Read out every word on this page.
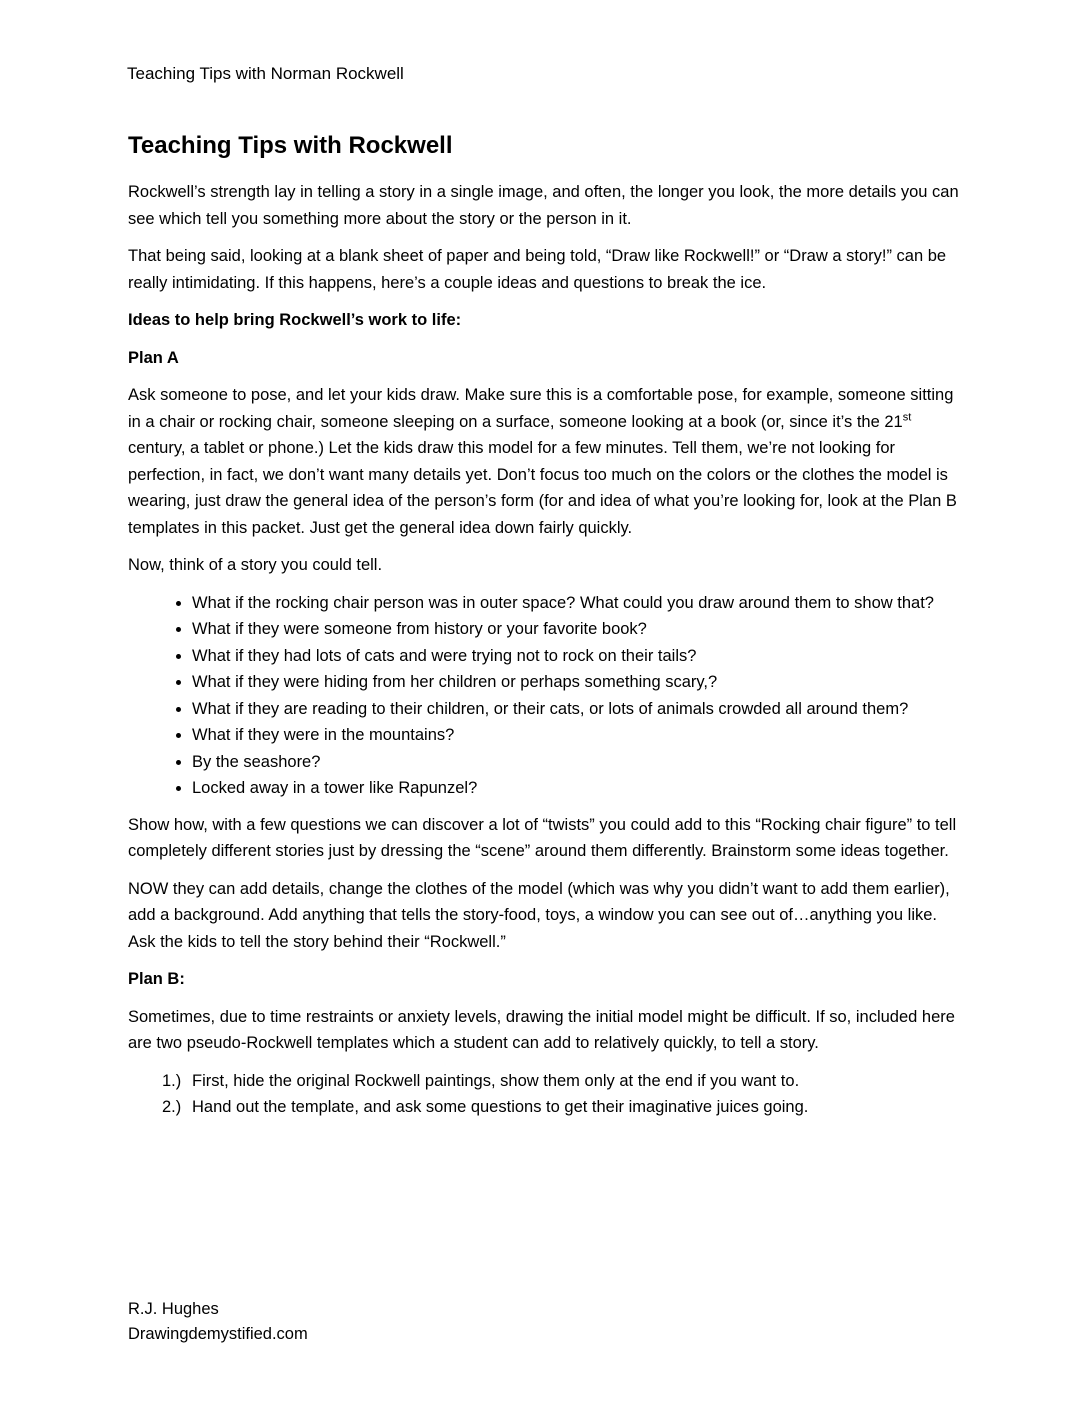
Teaching Tips with Norman Rockwell
Teaching Tips with Rockwell

Rockwell’s strength lay in telling a story in a single image, and often, the longer you look, the more details you can see which tell you something more about the story or the person in it.

That being said, looking at a blank sheet of paper and being told, “Draw like Rockwell!” or “Draw a story!” can be really intimidating. If this happens, here’s a couple ideas and questions to break the ice.

Ideas to help bring Rockwell’s work to life:

Plan A

Ask someone to pose, and let your kids draw. Make sure this is a comfortable pose, for example, someone sitting in a chair or rocking chair, someone sleeping on a surface, someone looking at a book (or, since it’s the 21st century, a tablet or phone.) Let the kids draw this model for a few minutes. Tell them, we’re not looking for perfection, in fact, we don’t want many details yet. Don’t focus too much on the colors or the clothes the model is wearing, just draw the general idea of the person’s form (for and idea of what you’re looking for, look at the Plan B templates in this packet. Just get the general idea down fairly quickly.

Now, think of a story you could tell.

• What if the rocking chair person was in outer space? What could you draw around them to show that?
• What if they were someone from history or your favorite book?
• What if they had lots of cats and were trying not to rock on their tails?
• What if they were hiding from her children or perhaps something scary,?
• What if they are reading to their children, or their cats, or lots of animals crowded all around them?
• What if they were in the mountains?
• By the seashore?
• Locked away in a tower like Rapunzel?

Show how, with a few questions we can discover a lot of “twists” you could add to this “Rocking chair figure” to tell completely different stories just by dressing the “scene” around them differently. Brainstorm some ideas together.

NOW they can add details, change the clothes of the model (which was why you didn’t want to add them earlier), add a background. Add anything that tells the story-food, toys, a window you can see out of…anything you like. Ask the kids to tell the story behind their “Rockwell.”

Plan B:

Sometimes, due to time restraints or anxiety levels, drawing the initial model might be difficult. If so, included here are two pseudo-Rockwell templates which a student can add to relatively quickly, to tell a story.

1.) First, hide the original Rockwell paintings, show them only at the end if you want to.
2.) Hand out the template, and ask some questions to get their imaginative juices going.
R.J. Hughes
Drawingdemystified.com
